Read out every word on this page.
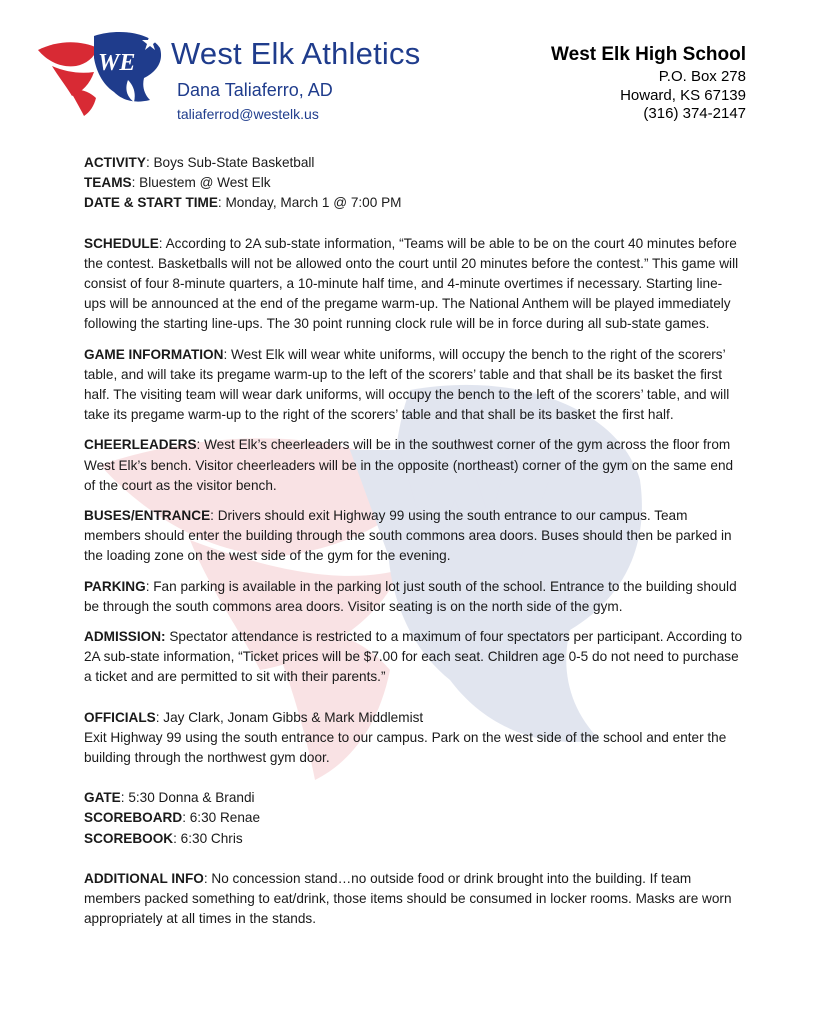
WE West Elk Athletics
Dana Taliaferro, AD
taliaferrod@westelk.us
West Elk High School
P.O. Box 278
Howard, KS 67139
(316) 374-2147

ACTIVITY: Boys Sub-State Basketball

TEAMS: Bluestem @ West Elk

DATE & START TIME: Monday, March 1 @ 7:00 PM

SCHEDULE: According to 2A sub-state information, “Teams will be able to be on the court 40 minutes before the contest. Basketballs will not be allowed onto the court until 20 minutes before the contest.” This game will consist of four 8-minute quarters, a 10-minute half time, and 4-minute overtimes if necessary. Starting line-ups will be announced at the end of the pregame warm-up. The National Anthem will be played immediately following the starting line-ups. The 30 point running clock rule will be in force during all sub-state games.

GAME INFORMATION: West Elk will wear white uniforms, will occupy the bench to the right of the scorers’ table, and will take its pregame warm-up to the left of the scorers’ table and that shall be its basket the first half. The visiting team will wear dark uniforms, will occupy the bench to the left of the scorers’ table, and will take its pregame warm-up to the right of the scorers’ table and that shall be its basket the first half.

CHEERLEADERS: West Elk’s cheerleaders will be in the southwest corner of the gym across the floor from West Elk’s bench. Visitor cheerleaders will be in the opposite (northeast) corner of the gym on the same end of the court as the visitor bench.

BUSES/ENTRANCE: Drivers should exit Highway 99 using the south entrance to our campus. Team members should enter the building through the south commons area doors. Buses should then be parked in the loading zone on the west side of the gym for the evening.

PARKING: Fan parking is available in the parking lot just south of the school. Entrance to the building should be through the south commons area doors. Visitor seating is on the north side of the gym.

ADMISSION: Spectator attendance is restricted to a maximum of four spectators per participant. According to 2A sub-state information, “Ticket prices will be $7.00 for each seat. Children age 0-5 do not need to purchase a ticket and are permitted to sit with their parents.”

OFFICIALS: Jay Clark, Jonam Gibbs & Mark Middlemist

Exit Highway 99 using the south entrance to our campus. Park on the west side of the school and enter the building through the northwest gym door.

GATE: 5:30 Donna & Brandi

SCOREBOARD: 6:30 Renae

SCOREBOOK: 6:30 Chris

ADDITIONAL INFO: No concession stand…no outside food or drink brought into the building. If team members packed something to eat/drink, those items should be consumed in locker rooms. Masks are worn appropriately at all times in the stands.
